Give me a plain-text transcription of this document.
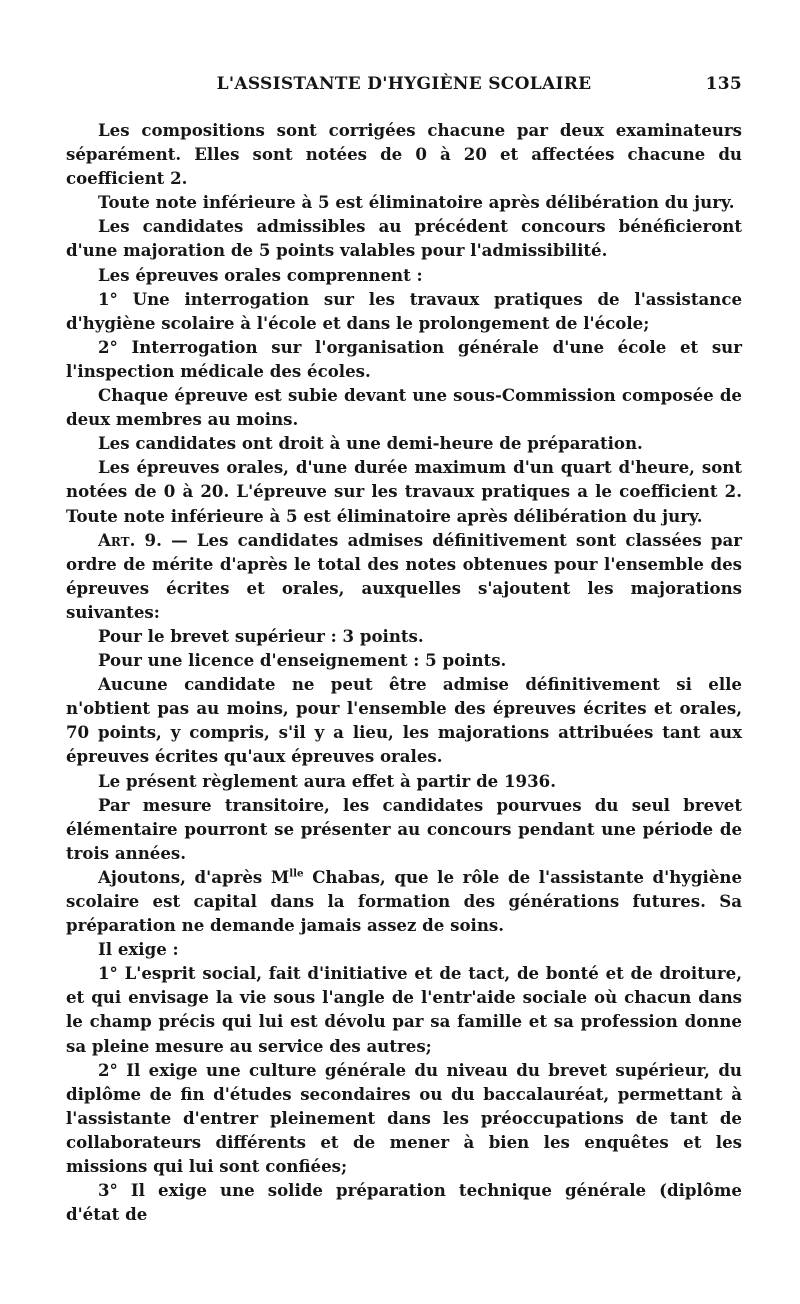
L'ASSISTANTE D'HYGIÈNE SCOLAIRE	135

Les compositions sont corrigées chacune par deux examinateurs séparément. Elles sont notées de 0 à 20 et affectées chacune du coefficient 2.

Toute note inférieure à 5 est éliminatoire après délibération du jury.

Les candidates admissibles au précédent concours bénéficieront d'une majoration de 5 points valables pour l'admissibilité.

Les épreuves orales comprennent :

1° Une interrogation sur les travaux pratiques de l'assistance d'hygiène scolaire à l'école et dans le prolongement de l'école;

2° Interrogation sur l'organisation générale d'une école et sur l'inspection médicale des écoles.

Chaque épreuve est subie devant une sous-Commission composée de deux membres au moins.

Les candidates ont droit à une demi-heure de préparation.

Les épreuves orales, d'une durée maximum d'un quart d'heure, sont notées de 0 à 20. L'épreuve sur les travaux pratiques a le coefficient 2. Toute note inférieure à 5 est éliminatoire après délibération du jury.

Art. 9. — Les candidates admises définitivement sont classées par ordre de mérite d'après le total des notes obtenues pour l'ensemble des épreuves écrites et orales, auxquelles s'ajoutent les majorations suivantes:

Pour le brevet supérieur : 3 points.

Pour une licence d'enseignement : 5 points.

Aucune candidate ne peut être admise définitivement si elle n'obtient pas au moins, pour l'ensemble des épreuves écrites et orales, 70 points, y compris, s'il y a lieu, les majorations attribuées tant aux épreuves écrites qu'aux épreuves orales.

Le présent règlement aura effet à partir de 1936.

Par mesure transitoire, les candidates pourvues du seul brevet élémentaire pourront se présenter au concours pendant une période de trois années.

Ajoutons, d'après $M^{lle}$ Chabas, que le rôle de l'assistante d'hygiène scolaire est capital dans la formation des générations futures. Sa préparation ne demande jamais assez de soins.

Il exige :

1° L'esprit social, fait d'initiative et de tact, de bonté et de droiture, et qui envisage la vie sous l'angle de l'entr'aide sociale où chacun dans le champ précis qui lui est dévolu par sa famille et sa profession donne sa pleine mesure au service des autres;

2° Il exige une culture générale du niveau du brevet supérieur, du diplôme de fin d'études secondaires ou du baccalauréat, permettant à l'assistante d'entrer pleinement dans les préoccupations de tant de collaborateurs différents et de mener à bien les enquêtes et les missions qui lui sont confiées;

3° Il exige une solide préparation technique générale (diplôme d'état de
